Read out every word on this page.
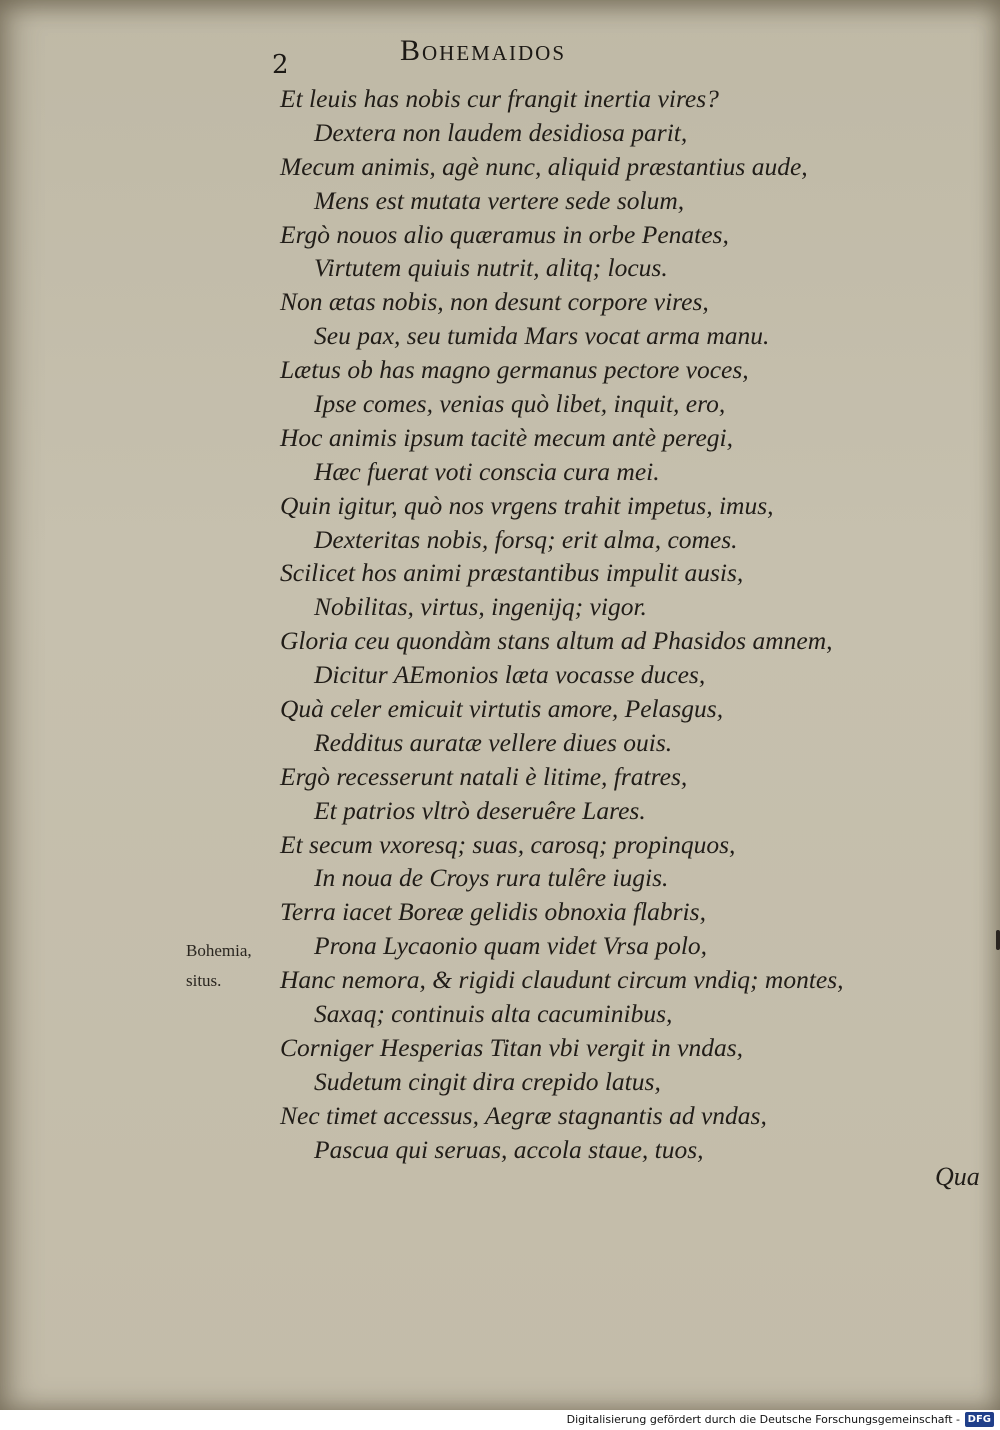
2	Bohemaidos
Et leuis has nobis cur frangit inertia vires?
Dextera non laudem desidiosa parit,
Mecum animis, agè nunc, aliquid præstantius aude,
Mens est mutata vertere sede solum,
Ergò nouos alio quæramus in orbe Penates,
Virtutem quiuis nutrit, alitq; locus.
Non ætas nobis, non desunt corpore vires,
Seu pax, seu tumida Mars vocat arma manu.
Lætus ob has magno germanus pectore voces,
Ipse comes, venias quò libet, inquit, ero,
Hoc animis ipsum tacitè mecum antè peregi,
Hæc fuerat voti conscia cura mei.
Quin igitur, quò nos vrgens trahit impetus, imus,
Dexteritas nobis, forsq; erit alma, comes.
Scilicet hos animi præstantibus impulit ausis,
Nobilitas, virtus, ingenijq; vigor.
Gloria ceu quondàm stans altum ad Phasidos amnem,
Dicitur AEmonios læta vocasse duces,
Quà celer emicuit virtutis amore, Pelasgus,
Redditus auratæ vellere diues ouis.
Ergò recesserunt natali è litime, fratres,
Et patrios vltrò deseruêre Lares.
Et secum vxoresq; suas, carosq; propinquos,
In noua de Croys rura tulêre iugis.
Terra iacet Boreæ gelidis obnoxia flabris,
Prona Lycaonio quam videt Vrsa polo,
Hanc nemora, & rigidi claudunt circum vndiq; montes,
Saxaq; continuis alta cacuminibus,
Corniger Hesperias Titan vbi vergit in vndas,
Sudetum cingit dira crepido latus,
Nec timet accessus, Aegræ stagnantis ad vndas,
Pascua qui seruas, accola staue, tuos,
Bohemia,
situs.
Qua
Digitalisierung gefördert durch die Deutsche Forschungsgemeinschaft - DFG
